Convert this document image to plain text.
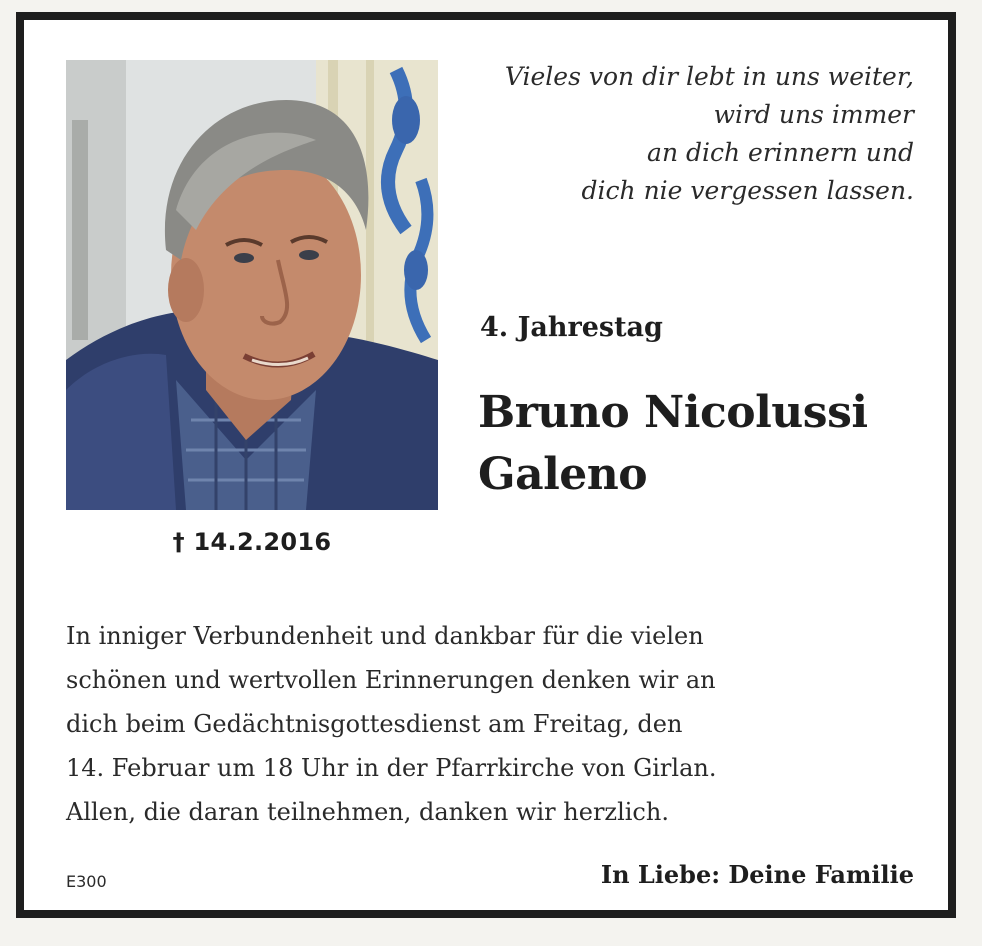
† 14.2.2016
Vieles von dir lebt in uns weiter,
wird uns immer
an dich erinnern und
dich nie vergessen lassen.
4. Jahrestag
Bruno Nicolussi
Galeno
In inniger Verbundenheit und dankbar für die vielen
schönen und wertvollen Erinnerungen denken wir an
dich beim Gedächtnisgottesdienst am Freitag, den
14. Februar um 18 Uhr in der Pfarrkirche von Girlan.
Allen, die daran teilnehmen, danken wir herzlich.
E300	In Liebe: Deine Familie
